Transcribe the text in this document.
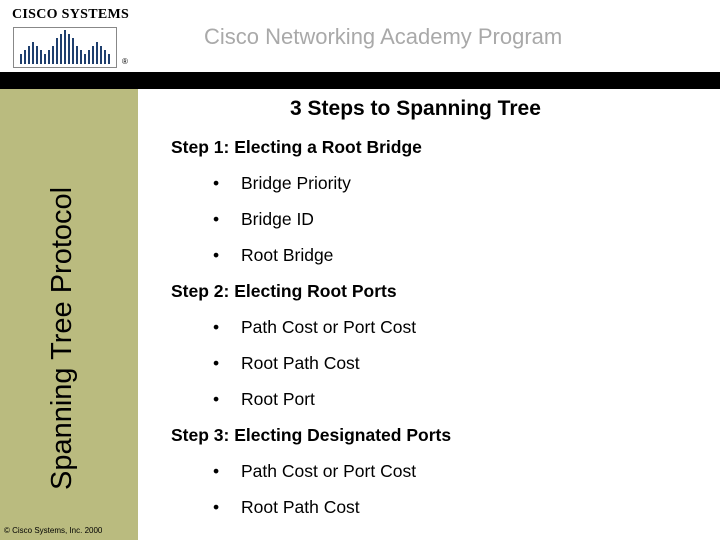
CISCO SYSTEMS
®
Cisco Networking Academy Program
Spanning Tree Protocol
© Cisco Systems, Inc. 2000
3 Steps to Spanning Tree
Step 1: Electing a Root Bridge
• Bridge Priority
• Bridge ID
• Root Bridge
Step 2: Electing Root Ports
• Path Cost or Port Cost
• Root Path Cost
• Root Port
Step 3: Electing Designated Ports
• Path Cost or Port Cost
• Root Path Cost
